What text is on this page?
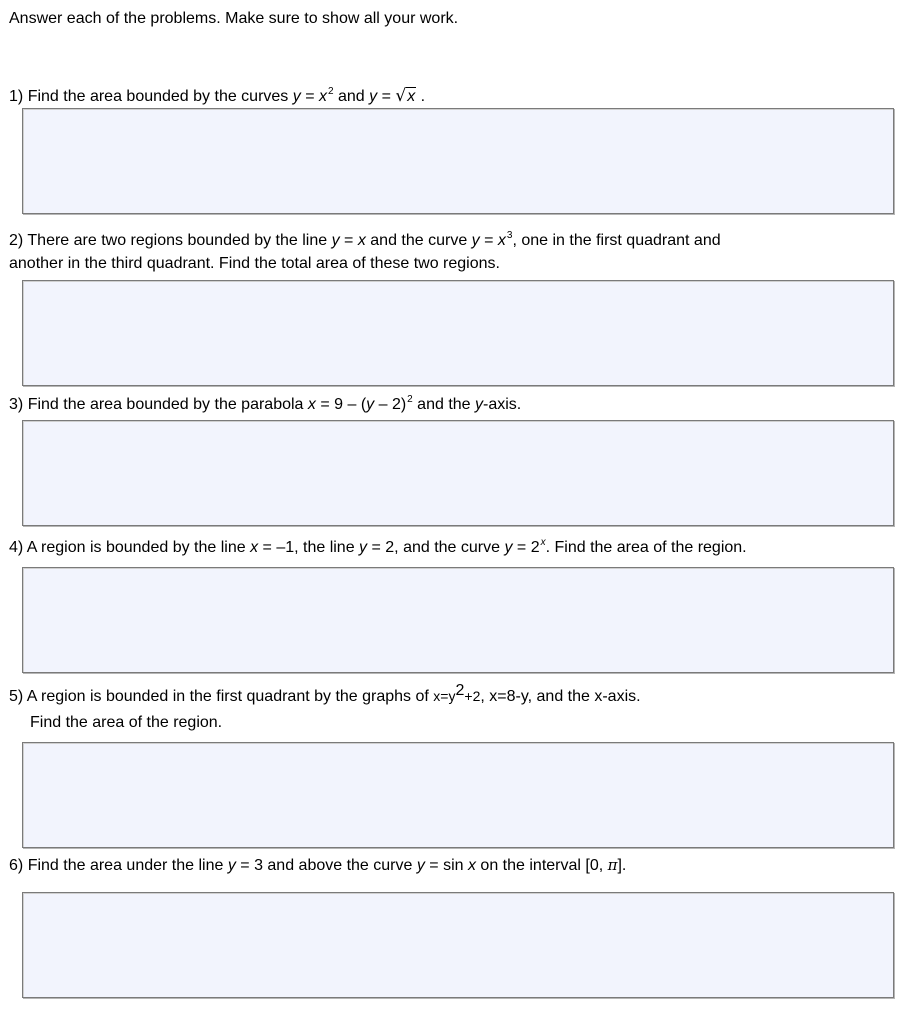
Answer each of the problems. Make sure to show all your work.
1) Find the area bounded by the curves $y = x^2$ and y = √x .
2) There are two regions bounded by the line y = x and the curve $y = x^3$, one in the first quadrant and
another in the third quadrant. Find the total area of these two regions.
3) Find the area bounded by the parabola x = 9 – (y – 2)$^2$ and the y-axis.
4) A region is bounded by the line x = –1, the line y = 2, and the curve $y = 2^x$. Find the area of the region.
5) A region is bounded in the first quadrant by the graphs of $x=y^2+2$, x=8-y, and the x-axis.
Find the area of the region.
6) Find the area under the line y = 3 and above the curve y = sin x on the interval [0, π].
